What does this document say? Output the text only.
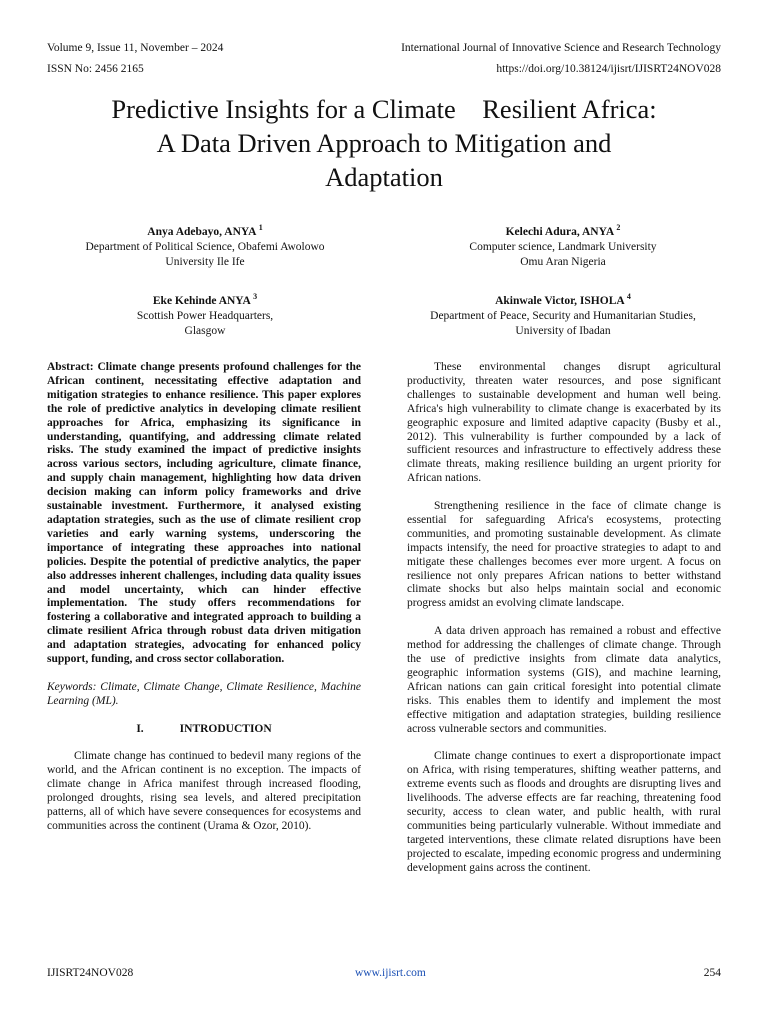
Volume 9, Issue 11, November – 2024
ISSN No: 2456 2165
International Journal of Innovative Science and Research Technology
https://doi.org/10.38124/ijisrt/IJISRT24NOV028
Predictive Insights for a Climate Resilient Africa:
A Data Driven Approach to Mitigation and
Adaptation
Anya Adebayo, ANYA $^1$
Department of Political Science, Obafemi Awolowo
University Ile Ife
Kelechi Adura, ANYA $^2$
Computer science, Landmark University
Omu Aran Nigeria
Eke Kehinde ANYA $^3$
Scottish Power Headquarters,
Glasgow
Akinwale Victor, ISHOLA $^4$
Department of Peace, Security and Humanitarian Studies,
University of Ibadan

Abstract: Climate change presents profound challenges for the African continent, necessitating effective adaptation and mitigation strategies to enhance resilience. This paper explores the role of predictive analytics in developing climate resilient approaches for Africa, emphasizing its significance in understanding, quantifying, and addressing climate related risks. The study examined the impact of predictive insights across various sectors, including agriculture, climate finance, and supply chain management, highlighting how data driven decision making can inform policy frameworks and drive sustainable investment. Furthermore, it analysed existing adaptation strategies, such as the use of climate resilient crop varieties and early warning systems, underscoring the importance of integrating these approaches into national policies. Despite the potential of predictive analytics, the paper also addresses inherent challenges, including data quality issues and model uncertainty, which can hinder effective implementation. The study offers recommendations for fostering a collaborative and integrated approach to building a climate resilient Africa through robust data driven mitigation and adaptation strategies, advocating for enhanced policy support, funding, and cross sector collaboration.

Keywords: Climate, Climate Change, Climate Resilience, Machine Learning (ML).

I.	INTRODUCTION

Climate change has continued to bedevil many regions of the world, and the African continent is no exception. The impacts of climate change in Africa manifest through increased flooding, prolonged droughts, rising sea levels, and altered precipitation patterns, all of which have severe consequences for ecosystems and communities across the continent (Urama & Ozor, 2010).

These environmental changes disrupt agricultural productivity, threaten water resources, and pose significant challenges to sustainable development and human well being. Africa's high vulnerability to climate change is exacerbated by its geographic exposure and limited adaptive capacity (Busby et al., 2012). This vulnerability is further compounded by a lack of sufficient resources and infrastructure to effectively address these climate threats, making resilience building an urgent priority for African nations.

Strengthening resilience in the face of climate change is essential for safeguarding Africa's ecosystems, protecting communities, and promoting sustainable development. As climate impacts intensify, the need for proactive strategies to adapt to and mitigate these challenges becomes ever more urgent. A focus on resilience not only prepares African nations to better withstand climate shocks but also helps maintain social and economic progress amidst an evolving climate landscape.

A data driven approach has remained a robust and effective method for addressing the challenges of climate change. Through the use of predictive insights from climate data analytics, geographic information systems (GIS), and machine learning, African nations can gain critical foresight into potential climate risks. This enables them to identify and implement the most effective mitigation and adaptation strategies, building resilience across vulnerable sectors and communities.

Climate change continues to exert a disproportionate impact on Africa, with rising temperatures, shifting weather patterns, and extreme events such as floods and droughts are disrupting lives and livelihoods. The adverse effects are far reaching, threatening food security, access to clean water, and public health, with rural communities being particularly vulnerable. Without immediate and targeted interventions, these climate related disruptions have been projected to escalate, impeding economic progress and undermining development gains across the continent.

IJISRT24NOV028	www.ijisrt.com	254
